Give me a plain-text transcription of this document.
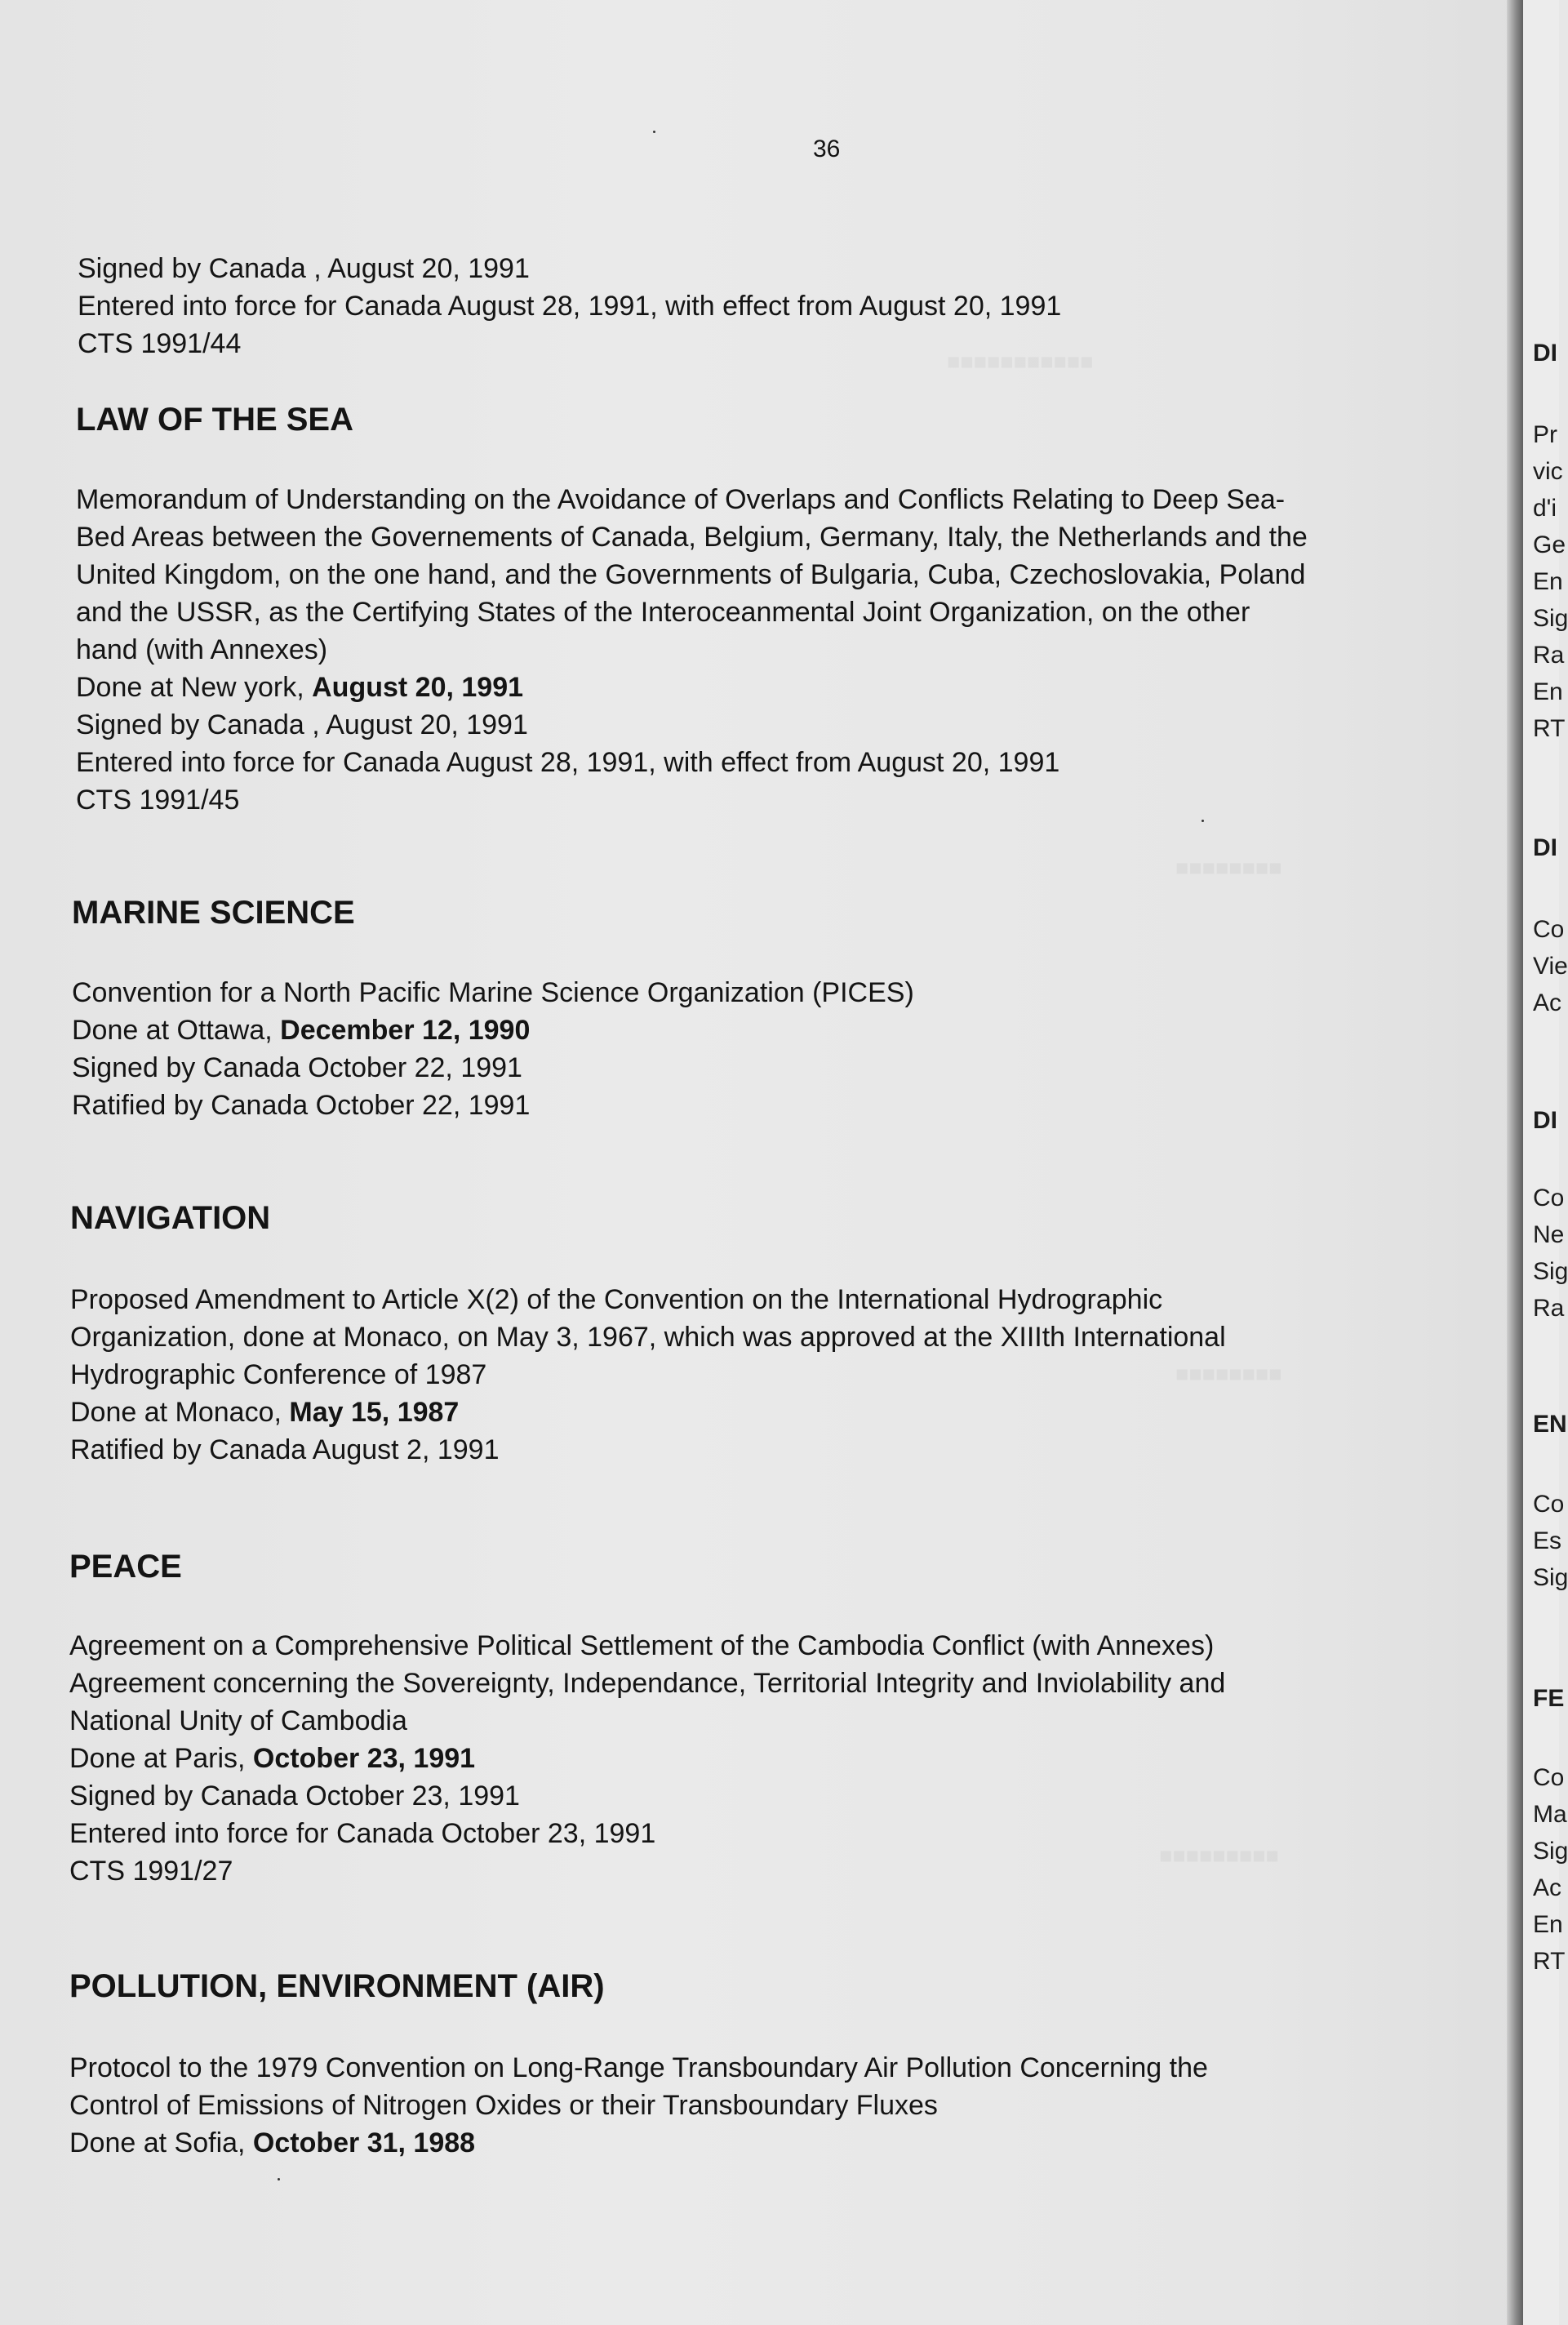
■■■■■■■■■■■
■■■■■■■■
■■■■■■■■
■■■■■■■■■
36
Signed by Canada , August 20, 1991
Entered into force for Canada August 28, 1991, with effect from August 20, 1991
CTS 1991/44
LAW OF THE SEA
Memorandum of Understanding on the Avoidance of Overlaps and Conflicts Relating to Deep Sea-
Bed Areas between the Governements of Canada, Belgium, Germany, Italy, the Netherlands and the
United Kingdom, on the one hand, and the Governments of Bulgaria, Cuba, Czechoslovakia, Poland
and the USSR, as the Certifying States of the Interoceanmental Joint Organization, on the other
hand (with Annexes)
Done at New york, August 20, 1991
Signed by Canada , August 20, 1991
Entered into force for Canada August 28, 1991, with effect from August 20, 1991
CTS 1991/45
MARINE SCIENCE
Convention for a North Pacific Marine Science Organization (PICES)
Done at Ottawa, December 12, 1990
Signed by Canada October 22, 1991
Ratified by Canada October 22, 1991
NAVIGATION
Proposed Amendment to Article X(2) of the Convention on the International Hydrographic
Organization, done at Monaco, on May 3, 1967, which was approved at the XIIIth International
Hydrographic Conference of 1987
Done at Monaco, May 15, 1987
Ratified by Canada August 2, 1991
PEACE
Agreement on a Comprehensive Political Settlement of the Cambodia Conflict (with Annexes)
Agreement concerning the Sovereignty, Independance, Territorial Integrity and Inviolability and
National Unity of Cambodia
Done at Paris, October 23, 1991
Signed by Canada October 23, 1991
Entered into force for Canada October 23, 1991
CTS 1991/27
POLLUTION, ENVIRONMENT (AIR)
Protocol to the 1979 Convention on Long-Range Transboundary Air Pollution Concerning the
Control of Emissions of Nitrogen Oxides or their Transboundary Fluxes
Done at Sofia, October 31, 1988
DI
Pr
vic
d'i
Ge
En
Sig
Ra
En
RT
DI
Co
Vie
Ac
DI
Co
Ne
Sig
Ra
EN
Co
Es
Sig
FE
Co
Ma
Sig
Ac
En
RT
